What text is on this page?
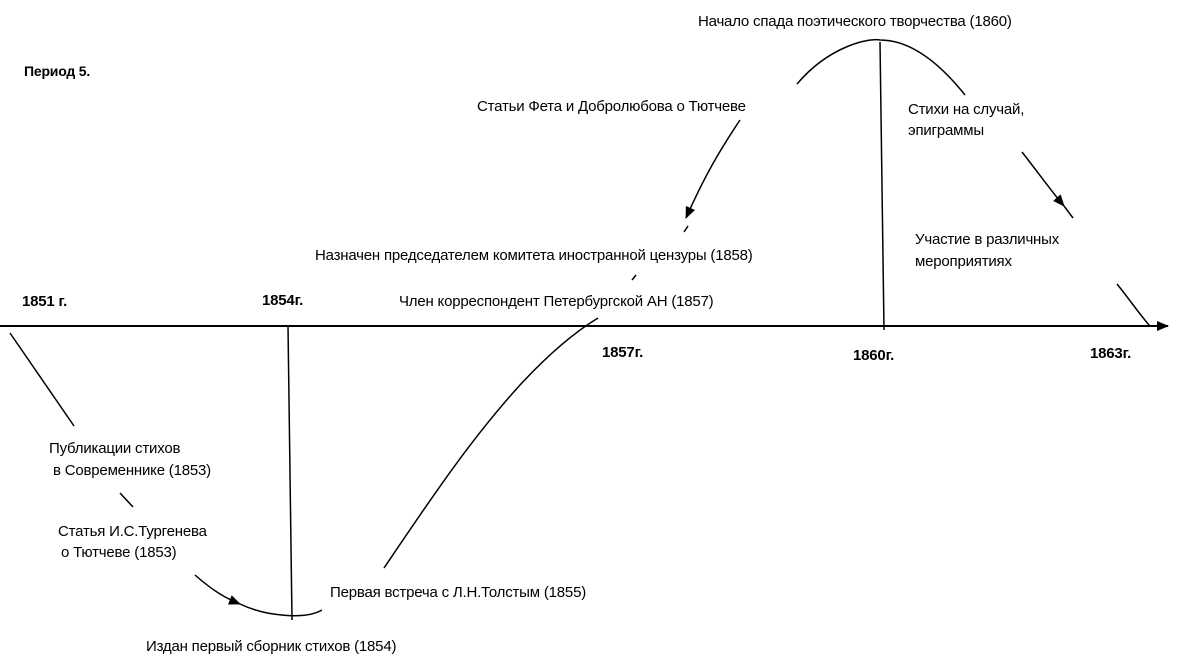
Период 5.
1851 г.	1854г.
1857г.	1860г.	1863г.
Публикации стихов
в Современнике (1853)
Статья И.С.Тургенева
о Тютчеве (1853)
Издан первый сборник стихов (1854)
Первая встреча с Л.Н.Толстым (1855)
Член корреспондент Петербургской АН (1857)
Назначен председателем комитета иностранной цензуры (1858)
Статьи Фета и Добролюбова о Тютчеве
Начало спада поэтического творчества (1860)
Стихи на случай,
эпиграммы
Участие в различных
мероприятиях
